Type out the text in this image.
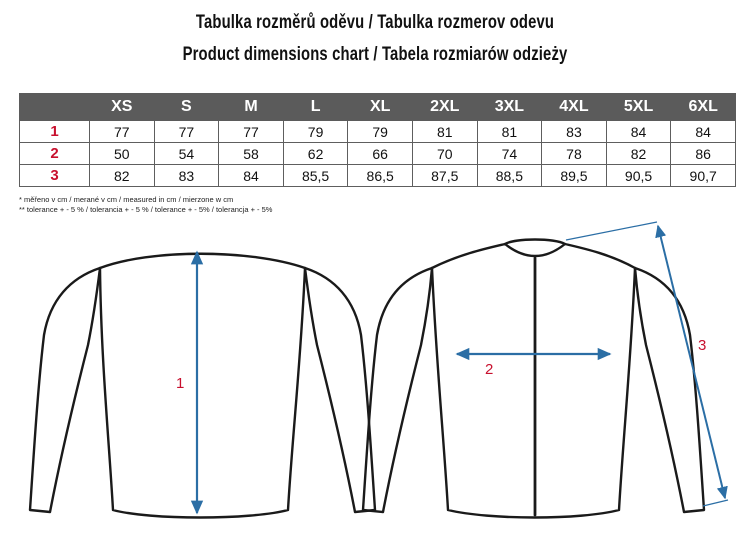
Tabulka rozměrů oděvu / Tabulka rozmerov odevu
Product dimensions chart / Tabela rozmiarów odzieży
	XS	S	M	L	XL	2XL	3XL	4XL	5XL	6XL
1	77	77	77	79	79	81	81	83	84	84
2	50	54	58	62	66	70	74	78	82	86
3	82	83	84	85,5	86,5	87,5	88,5	89,5	90,5	90,7
* měřeno v cm / merané v cm / measured in cm / mierzone w cm
** tolerance + - 5 % / tolerancia + - 5 % / tolerance + - 5% / tolerancja + - 5%
1
2
3
